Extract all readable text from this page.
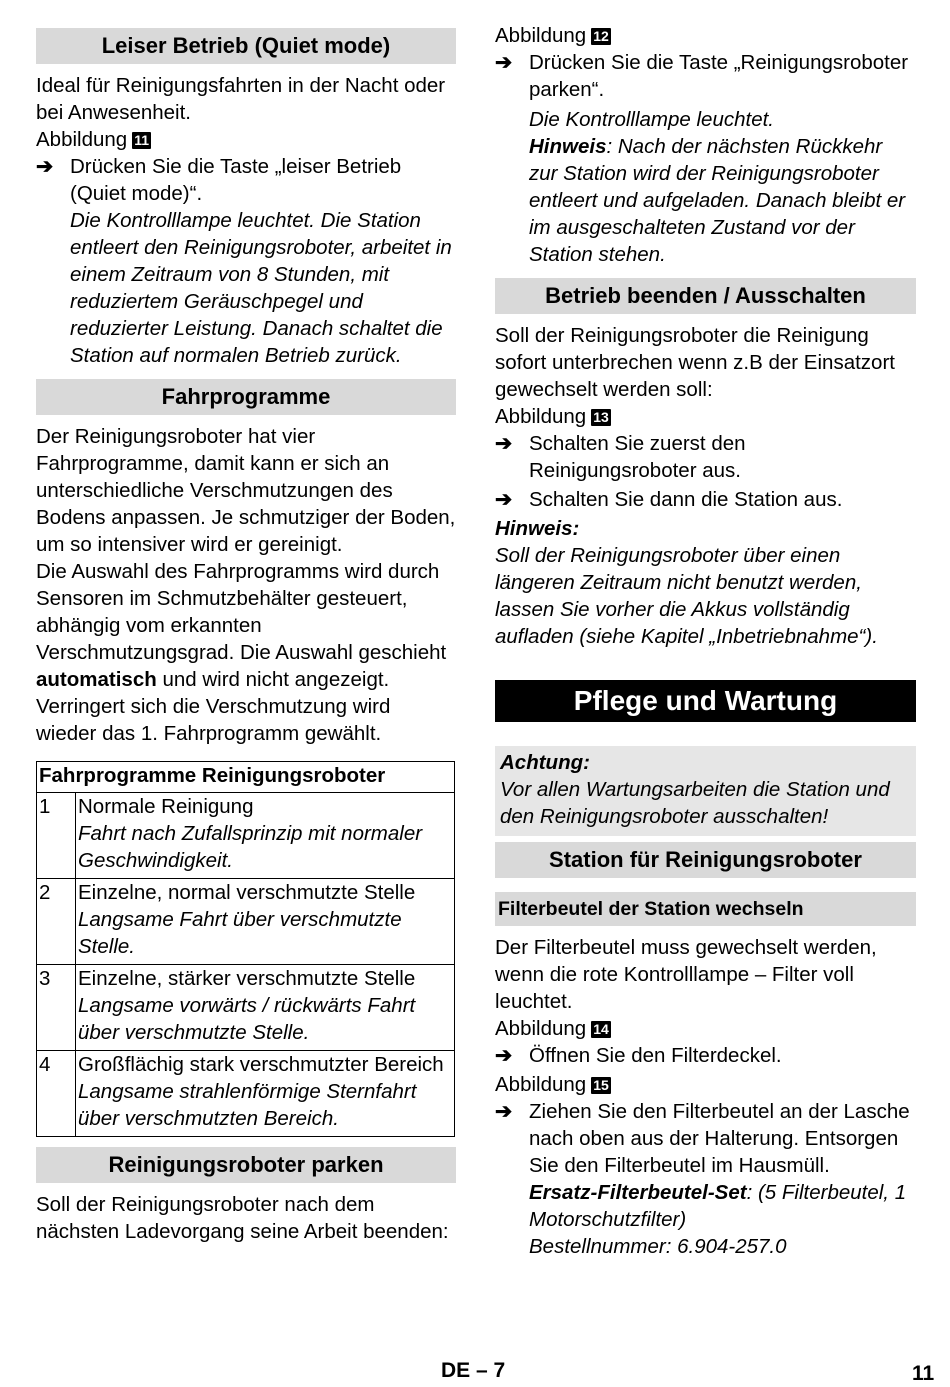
Leiser Betrieb (Quiet mode)

Ideal für Reinigungsfahrten in der Nacht oder bei Anwesenheit.

Abbildung 11

➔ Drücken Sie die Taste „leiser Betrieb (Quiet mode)“.

Die Kontrolllampe leuchtet. Die Station entleert den Reinigungsroboter, arbeitet in einem Zeitraum von 8 Stunden, mit reduziertem Geräuschpegel und reduzierter Leistung. Danach schaltet die Station auf normalen Betrieb zurück.

Fahrprogramme

Der Reinigungsroboter hat vier Fahrprogramme, damit kann er sich an unterschiedliche Verschmutzungen des Bodens anpassen. Je schmutziger der Boden, um so intensiver wird er gereinigt.

Die Auswahl des Fahrprogramms wird durch Sensoren im Schmutzbehälter gesteuert, abhängig vom erkannten Verschmutzungsgrad. Die Auswahl geschieht automatisch und wird nicht angezeigt. Verringert sich die Verschmutzung wird wieder das 1. Fahrprogramm gewählt.

Fahrprogramme Reinigungsroboter	
1	Normale Reinigung
Fahrt nach Zufallsprinzip mit normaler Geschwindigkeit.

2	Einzelne, normal verschmutzte Stelle
Langsame Fahrt über verschmutzte Stelle.

3	Einzelne, stärker verschmutzte Stelle
Langsame vorwärts / rückwärts Fahrt über verschmutzte Stelle.

4	Großflächig stark verschmutzter Bereich
Langsame strahlenförmige Sternfahrt über verschmutzten Bereich.
Reinigungsroboter parken

Soll der Reinigungsroboter nach dem nächsten Ladevorgang seine Arbeit beenden:

Abbildung 12

➔ Drücken Sie die Taste „Reinigungsroboter parken“.

Die Kontrolllampe leuchtet.

Hinweis: Nach der nächsten Rückkehr zur Station wird der Reinigungsroboter entleert und aufgeladen. Danach bleibt er im ausgeschalteten Zustand vor der Station stehen.

Betrieb beenden / Ausschalten

Soll der Reinigungsroboter die Reinigung sofort unterbrechen wenn z.B der Einsatzort gewechselt werden soll:

Abbildung 13

➔ Schalten Sie zuerst den Reinigungsroboter aus.
➔ Schalten Sie dann die Station aus.

Hinweis:

Soll der Reinigungsroboter über einen längeren Zeitraum nicht benutzt werden, lassen Sie vorher die Akkus vollständig aufladen (siehe Kapitel „Inbetriebnahme“).

Pflege und Wartung

Achtung:

Vor allen Wartungsarbeiten die Station und den Reinigungsroboter ausschalten!

Station für Reinigungsroboter
Filterbeutel der Station wechseln

Der Filterbeutel muss gewechselt werden, wenn die rote Kontrolllampe – Filter voll leuchtet.

Abbildung 14

➔ Öffnen Sie den Filterdeckel.

Abbildung 15

➔ Ziehen Sie den Filterbeutel an der Lasche nach oben aus der Halterung. Entsorgen Sie den Filterbeutel im Hausmüll.

Ersatz-Filterbeutel-Set: (5 Filterbeutel, 1 Motorschutzfilter)

Bestellnummer: 6.904-257.0

DE – 7	11
